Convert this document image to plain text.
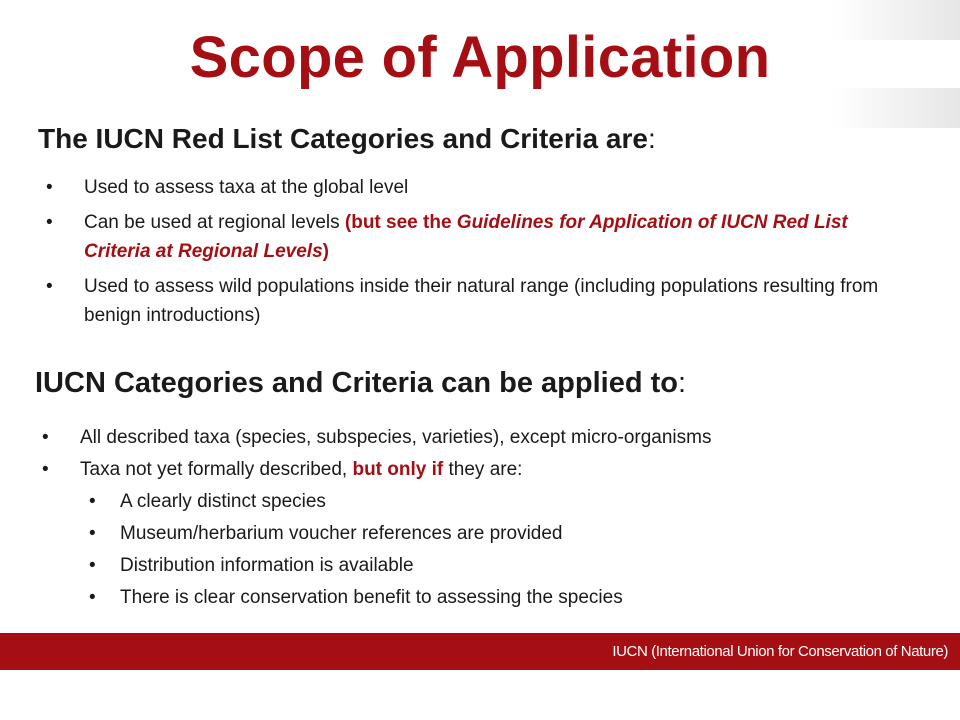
Scope of Application
The IUCN Red List Categories and Criteria are:
• Used to assess taxa at the global level
• Can be used at regional levels (but see the Guidelines for Application of IUCN Red List Criteria at Regional Levels)
• Used to assess wild populations inside their natural range (including populations resulting from benign introductions)
IUCN Categories and Criteria can be applied to:
• All described taxa (species, subspecies, varieties), except micro-organisms
• Taxa not yet formally described, but only if they are:
• A clearly distinct species
• Museum/herbarium voucher references are provided
• Distribution information is available
• There is clear conservation benefit to assessing the species
IUCN (International Union for Conservation of Nature)
